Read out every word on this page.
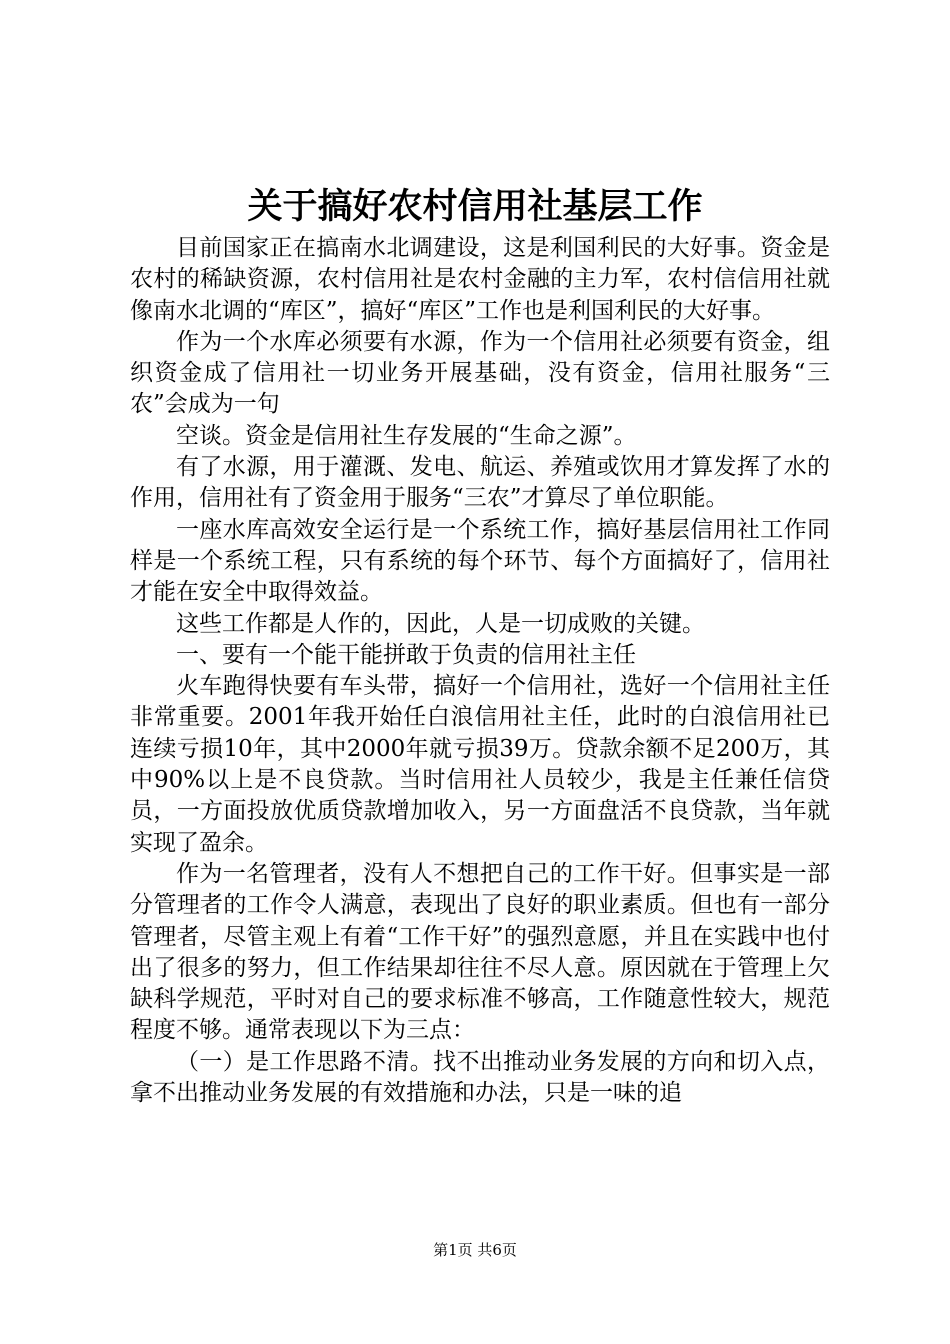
关于搞好农村信用社基层工作

目前国家正在搞南水北调建设，这是利国利民的大好事。资金是农村的稀缺资源，农村信用社是农村金融的主力军，农村信信用社就像南水北调的“库区”，搞好“库区”工作也是利国利民的大好事。

作为一个水库必须要有水源，作为一个信用社必须要有资金，组织资金成了信用社一切业务开展基础，没有资金，信用社服务“三农”会成为一句

空谈。资金是信用社生存发展的“生命之源”。

有了水源，用于灌溉、发电、航运、养殖或饮用才算发挥了水的作用，信用社有了资金用于服务“三农”才算尽了单位职能。

一座水库高效安全运行是一个系统工作，搞好基层信用社工作同样是一个系统工程，只有系统的每个环节、每个方面搞好了，信用社才能在安全中取得效益。

这些工作都是人作的，因此，人是一切成败的关键。

一、要有一个能干能拼敢于负责的信用社主任

火车跑得快要有车头带，搞好一个信用社，选好一个信用社主任非常重要。2001年我开始任白浪信用社主任，此时的白浪信用社已连续亏损10年，其中2000年就亏损39万。贷款余额不足200万，其中90%以上是不良贷款。当时信用社人员较少，我是主任兼任信贷员，一方面投放优质贷款增加收入，另一方面盘活不良贷款，当年就实现了盈余。

作为一名管理者，没有人不想把自己的工作干好。但事实是一部分管理者的工作令人满意，表现出了良好的职业素质。但也有一部分管理者，尽管主观上有着“工作干好”的强烈意愿，并且在实践中也付出了很多的努力，但工作结果却往往不尽人意。原因就在于管理上欠缺科学规范，平时对自己的要求标准不够高，工作随意性较大，规范程度不够。通常表现以下为三点：

（一）是工作思路不清。找不出推动业务发展的方向和切入点，拿不出推动业务发展的有效措施和办法，只是一味的追

第1页 共6页
